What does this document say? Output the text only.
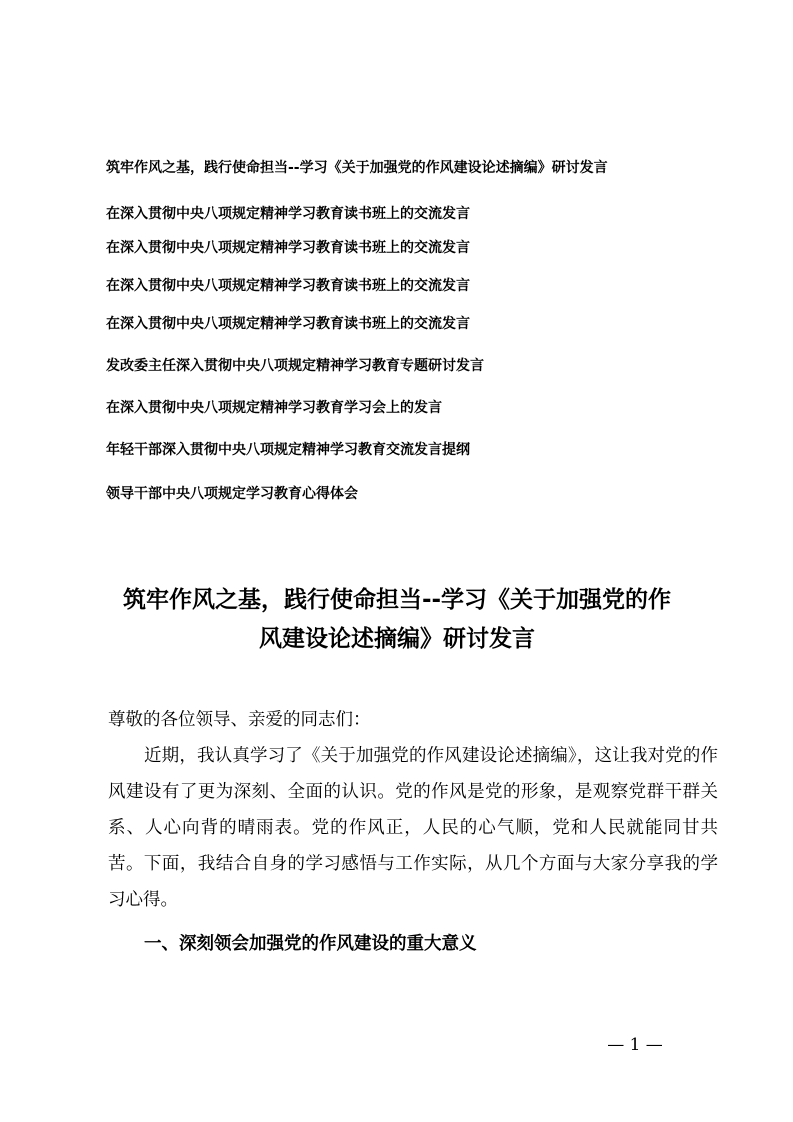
筑牢作风之基，践行使命担当--学习《关于加强党的作风建设论述摘编》研讨发言
在深入贯彻中央八项规定精神学习教育读书班上的交流发言
在深入贯彻中央八项规定精神学习教育读书班上的交流发言
在深入贯彻中央八项规定精神学习教育读书班上的交流发言
在深入贯彻中央八项规定精神学习教育读书班上的交流发言
发改委主任深入贯彻中央八项规定精神学习教育专题研讨发言
在深入贯彻中央八项规定精神学习教育学习会上的发言
年轻干部深入贯彻中央八项规定精神学习教育交流发言提纲
领导干部中央八项规定学习教育心得体会
筑牢作风之基，践行使命担当--学习《关于加强党的作
风建设论述摘编》研讨发言
尊敬的各位领导、亲爱的同志们：
近期，我认真学习了《关于加强党的作风建设论述摘编》，这让我对党的作风建设有了更为深刻、全面的认识。党的作风是党的形象，是观察党群干群关系、人心向背的晴雨表。党的作风正，人民的心气顺，党和人民就能同甘共苦。下面，我结合自身的学习感悟与工作实际，从几个方面与大家分享我的学习心得。
一、深刻领会加强党的作风建设的重大意义
— 1 —
